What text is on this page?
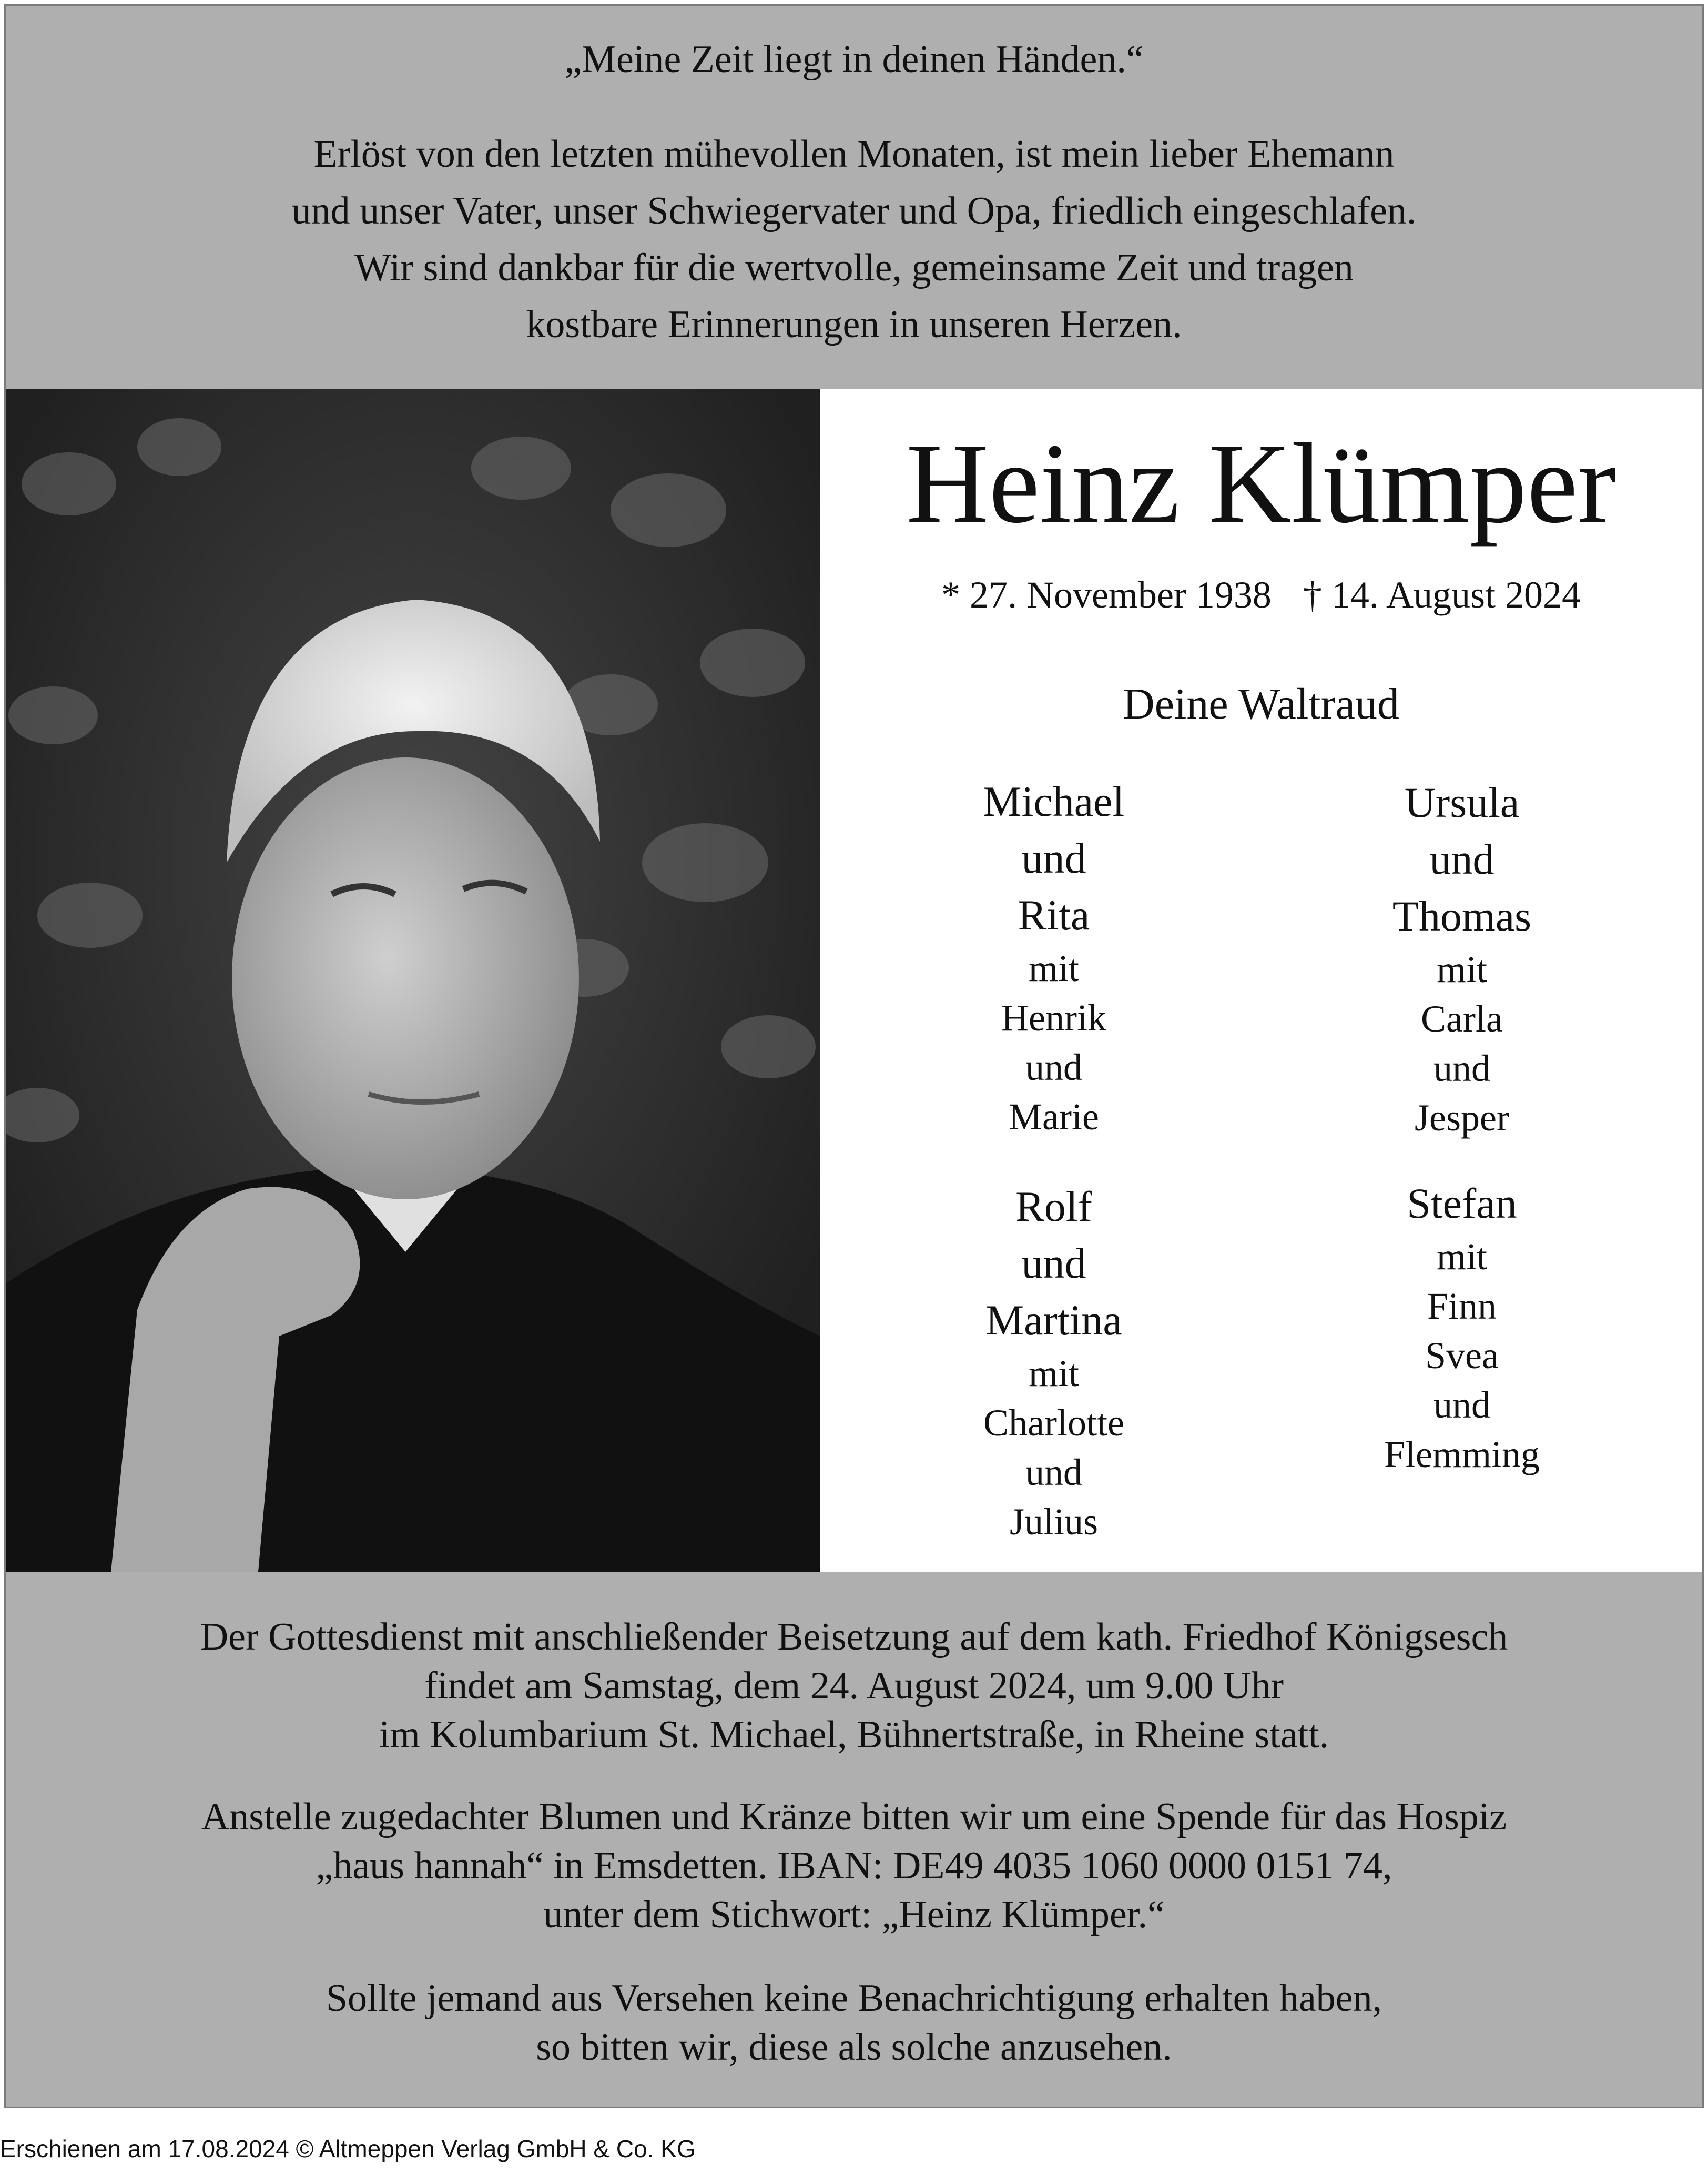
„Meine Zeit liegt in deinen Händen.“
Erlöst von den letzten mühevollen Monaten, ist mein lieber Ehemann
und unser Vater, unser Schwiegervater und Opa, friedlich eingeschlafen.
Wir sind dankbar für die wertvolle, gemeinsame Zeit und tragen
kostbare Erinnerungen in unseren Herzen.
Heinz Klümper
* 27. November 1938 † 14. August 2024
Deine Waltraud
Michael
und
Rita
mit
Henrik
und
Marie
Ursula
und
Thomas
mit
Carla
und
Jesper
Rolf
und
Martina
mit
Charlotte
und
Julius
Stefan
mit
Finn
Svea
und
Flemming
Der Gottesdienst mit anschließender Beisetzung auf dem kath. Friedhof Königsesch
findet am Samstag, dem 24. August 2024, um 9.00 Uhr
im Kolumbarium St. Michael, Bühnertstraße, in Rheine statt.
Anstelle zugedachter Blumen und Kränze bitten wir um eine Spende für das Hospiz
„haus hannah“ in Emsdetten. IBAN: DE49 4035 1060 0000 0151 74,
unter dem Stichwort: „Heinz Klümper.“
Sollte jemand aus Versehen keine Benachrichtigung erhalten haben,
so bitten wir, diese als solche anzusehen.
Erschienen am 17.08.2024 © Altmeppen Verlag GmbH & Co. KG
